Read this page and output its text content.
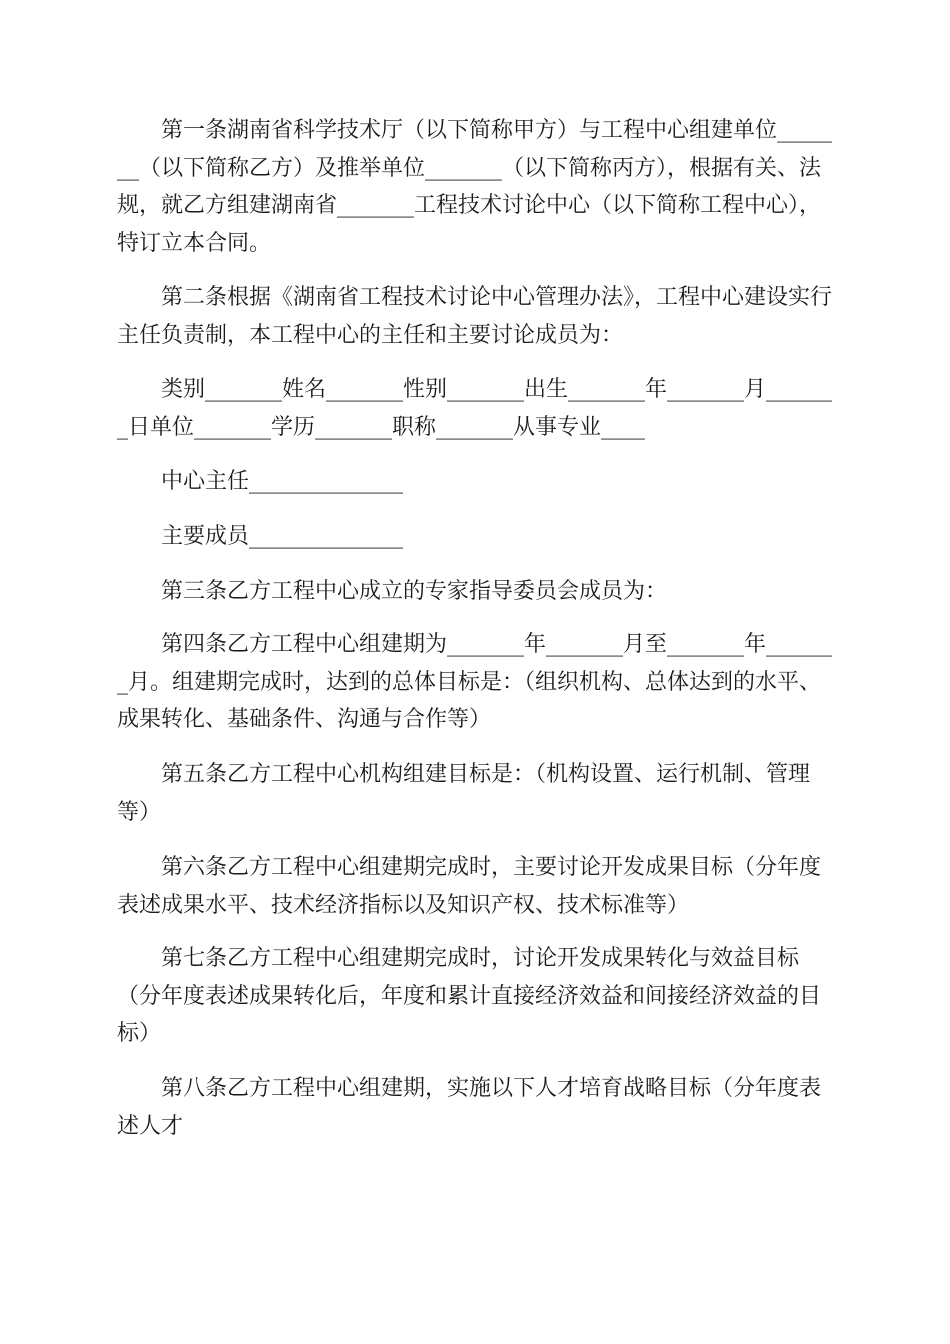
第一条湖南省科学技术厅（以下简称甲方）与工程中心组建单位_______（以下简称乙方）及推举单位_______（以下简称丙方），根据有关、法规，就乙方组建湖南省_______工程技术讨论中心（以下简称工程中心），特订立本合同。

第二条根据《湖南省工程技术讨论中心管理办法》，工程中心建设实行主任负责制，本工程中心的主任和主要讨论成员为：

类别_______姓名_______性别_______出生_______年_______月_______日单位_______学历_______职称_______从事专业____

中心主任______________

主要成员______________

第三条乙方工程中心成立的专家指导委员会成员为：

第四条乙方工程中心组建期为_______年_______月至_______年_______月。组建期完成时，达到的总体目标是：（组织机构、总体达到的水平、成果转化、基础条件、沟通与合作等）

第五条乙方工程中心机构组建目标是：（机构设置、运行机制、管理等）

第六条乙方工程中心组建期完成时，主要讨论开发成果目标（分年度表述成果水平、技术经济指标以及知识产权、技术标准等）

第七条乙方工程中心组建期完成时，讨论开发成果转化与效益目标（分年度表述成果转化后，年度和累计直接经济效益和间接经济效益的目标）

第八条乙方工程中心组建期，实施以下人才培育战略目标（分年度表述人才
